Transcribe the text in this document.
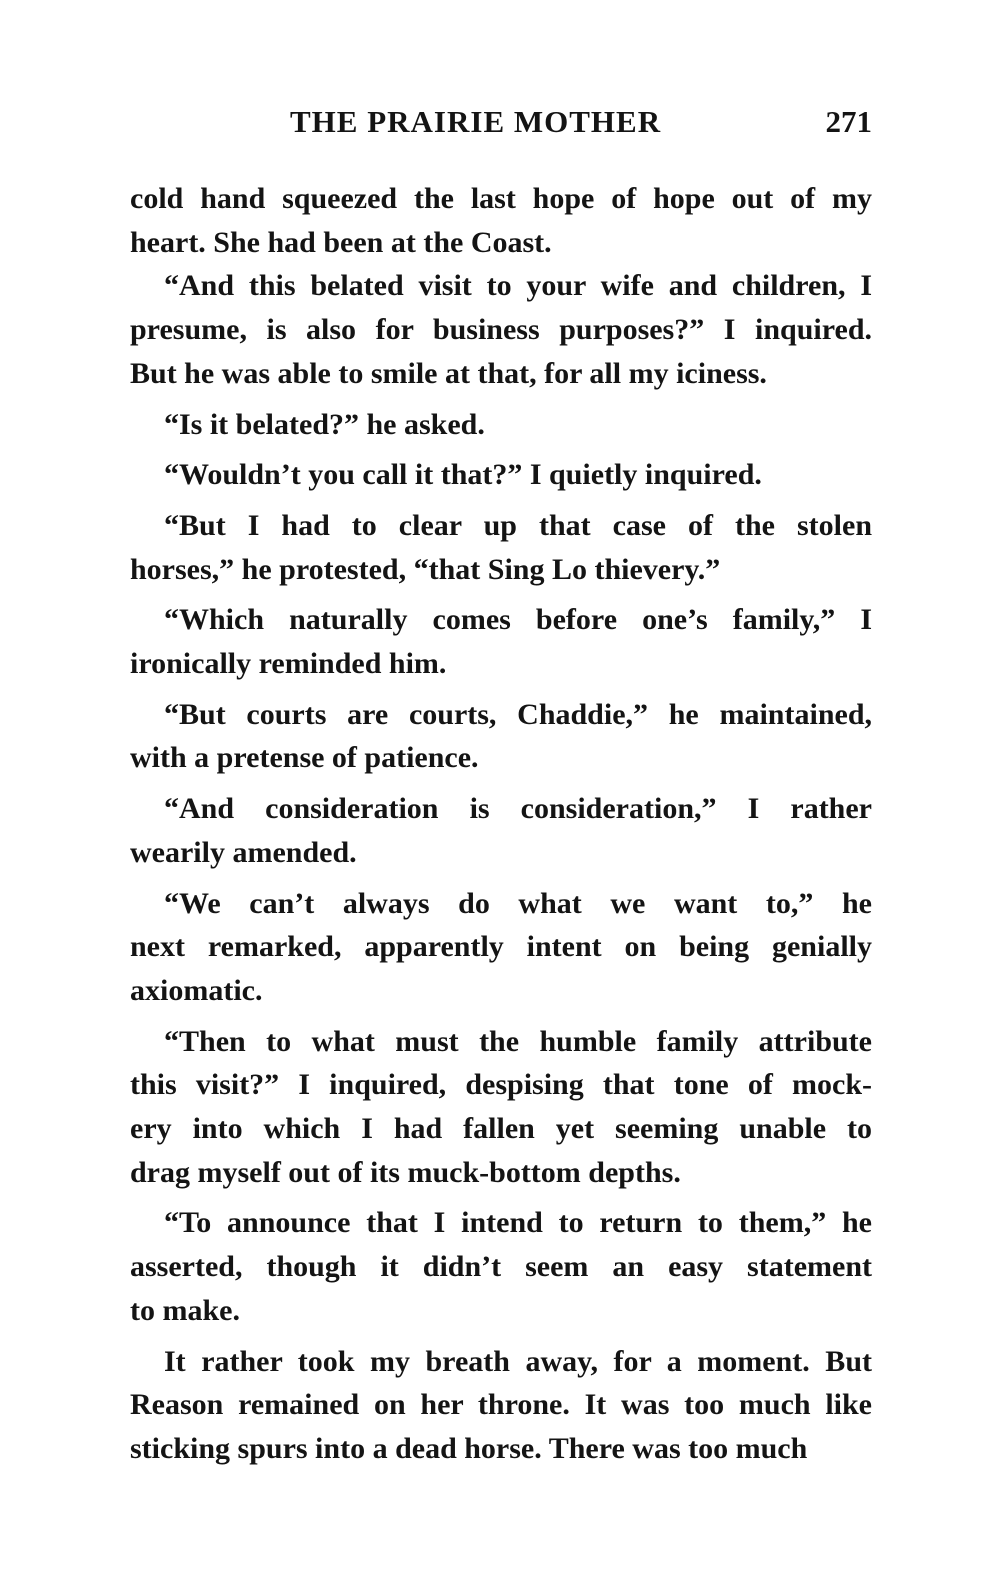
THE PRAIRIE MOTHER	271
cold hand squeezed the last hope of hope out of my
heart. She had been at the Coast.
“And this belated visit to your wife and children, I
presume, is also for business purposes?” I inquired.
But he was able to smile at that, for all my iciness.
“Is it belated?” he asked.
“Wouldn’t you call it that?” I quietly inquired.
“But I had to clear up that case of the stolen
horses,” he protested, “that Sing Lo thievery.”
“Which naturally comes before one’s family,” I
ironically reminded him.
“But courts are courts, Chaddie,” he maintained,
with a pretense of patience.
“And consideration is consideration,” I rather
wearily amended.
“We can’t always do what we want to,” he
next remarked, apparently intent on being genially
axiomatic.
“Then to what must the humble family attribute
this visit?” I inquired, despising that tone of mock-
ery into which I had fallen yet seeming unable to
drag myself out of its muck-bottom depths.
“To announce that I intend to return to them,” he
asserted, though it didn’t seem an easy statement
to make.
It rather took my breath away, for a moment. But
Reason remained on her throne. It was too much like
sticking spurs into a dead horse. There was too much
